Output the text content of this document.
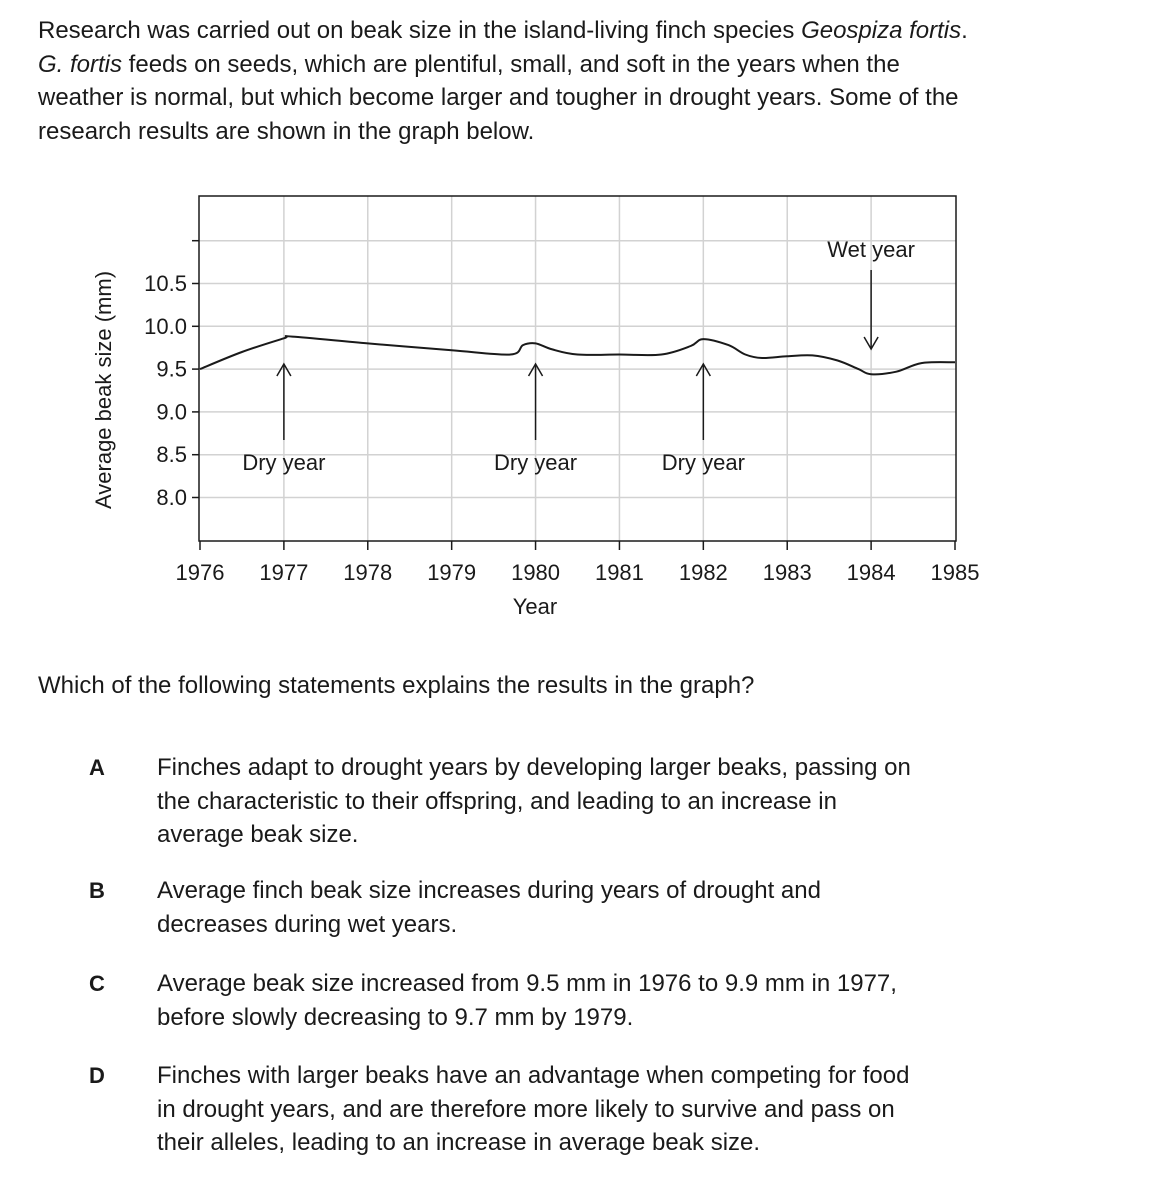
Research was carried out on beak size in the island-living finch species Geospiza fortis.

G. fortis feeds on seeds, which are plentiful, small, and soft in the years when the

weather is normal, but which become larger and tougher in drought years. Some of the

research results are shown in the graph below.

8.0
8.5
9.0
9.5
10.0
10.5
1976 1977 1978 1979 1980 1981 1982 1983 1984 1985
Dry year	Dry year	Dry year
Wet year
Year
Average beak size (mm)

Which of the following statements explains the results in the graph?

A	Finches adapt to drought years by developing larger beaks, passing on
the characteristic to their offspring, and leading to an increase in
average beak size.
B	Average finch beak size increases during years of drought and
decreases during wet years.
C	Average beak size increased from 9.5 mm in 1976 to 9.9 mm in 1977,
before slowly decreasing to 9.7 mm by 1979.
D	Finches with larger beaks have an advantage when competing for food
in drought years, and are therefore more likely to survive and pass on
their alleles, leading to an increase in average beak size.
